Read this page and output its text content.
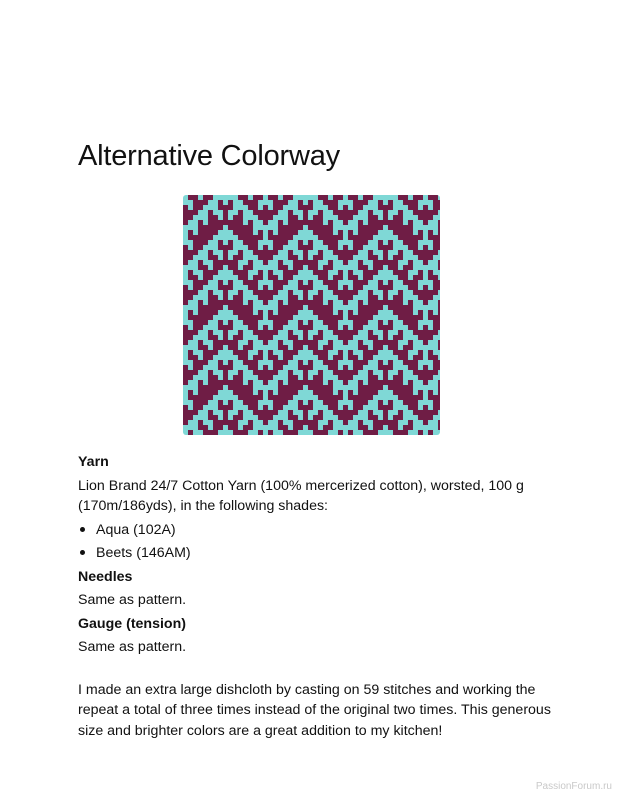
Alternative Colorway

Yarn

Lion Brand 24/7 Cotton Yarn (100% mercerized cotton), worsted, 100 g (170m/186yds), in the following shades:

Aqua (102A)
Beets (146AM)

Needles

Same as pattern.

Gauge (tension)

Same as pattern.

I made an extra large dishcloth by casting on 59 stitches and working the repeat a total of three times instead of the original two times. This generous size and brighter colors are a great addition to my kitchen!

PassionForum.ru
